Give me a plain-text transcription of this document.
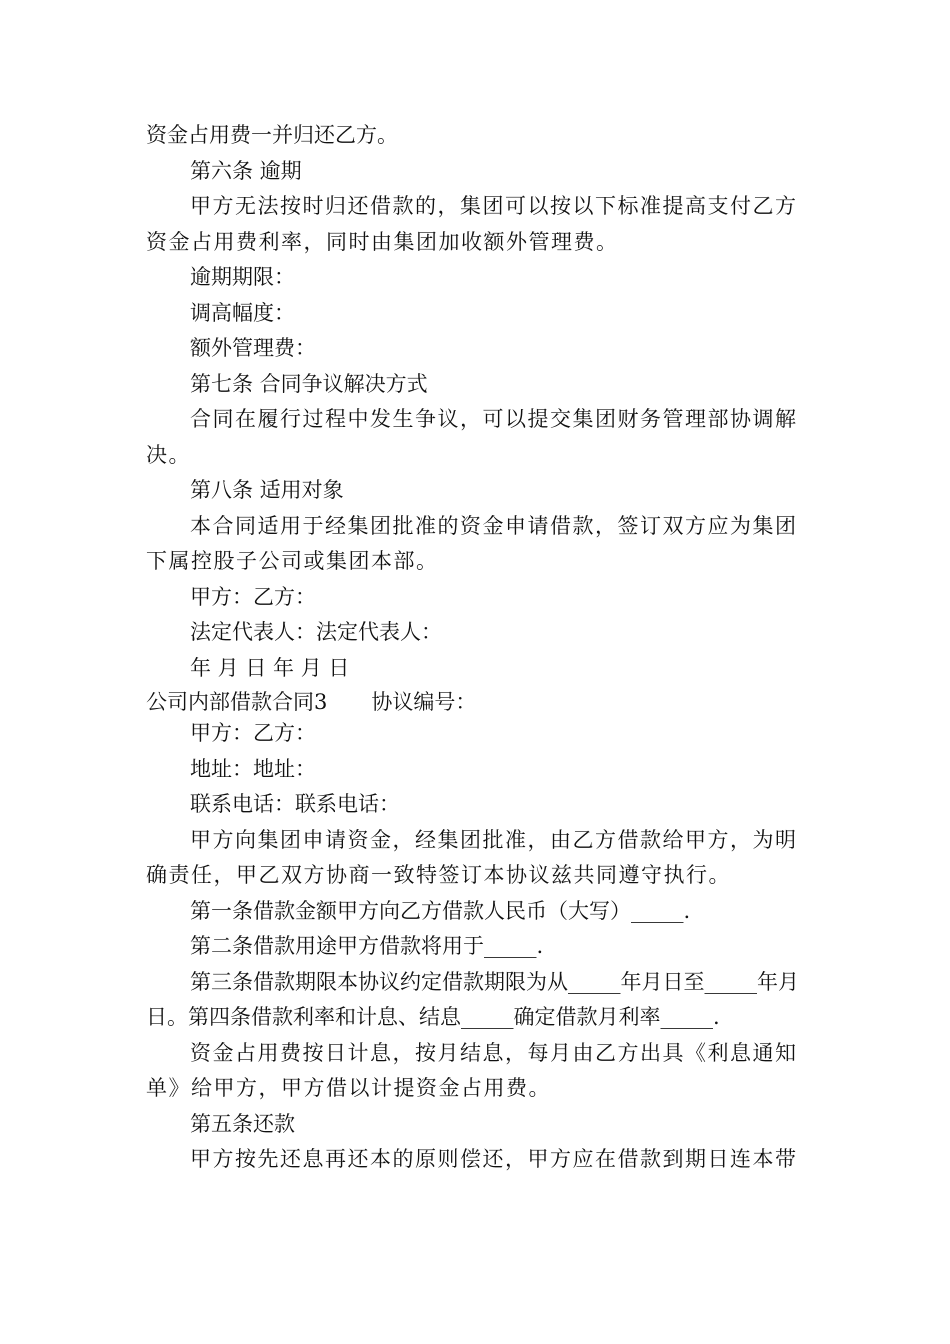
资金占用费一并归还乙方。

第六条 逾期

甲方无法按时归还借款的，集团可以按以下标准提高支付乙方资金占用费利率，同时由集团加收额外管理费。

逾期期限：

调高幅度：

额外管理费：

第七条 合同争议解决方式

合同在履行过程中发生争议，可以提交集团财务管理部协调解决。

第八条 适用对象

本合同适用于经集团批准的资金申请借款，签订双方应为集团下属控股子公司或集团本部。

甲方：乙方：

法定代表人：法定代表人：

年 月 日 年 月 日

公司内部借款合同3 协议编号：

甲方：乙方：

地址：地址：

联系电话：联系电话：

甲方向集团申请资金，经集团批准，由乙方借款给甲方，为明确责任，甲乙双方协商一致特签订本协议兹共同遵守执行。

第一条借款金额甲方向乙方借款人民币（大写）_____.

第二条借款用途甲方借款将用于_____.

第三条借款期限本协议约定借款期限为从_____年月日至_____年月日。第四条借款利率和计息、结息_____确定借款月利率_____.

资金占用费按日计息，按月结息，每月由乙方出具《利息通知单》给甲方，甲方借以计提资金占用费。

第五条还款

甲方按先还息再还本的原则偿还，甲方应在借款到期日连本带
